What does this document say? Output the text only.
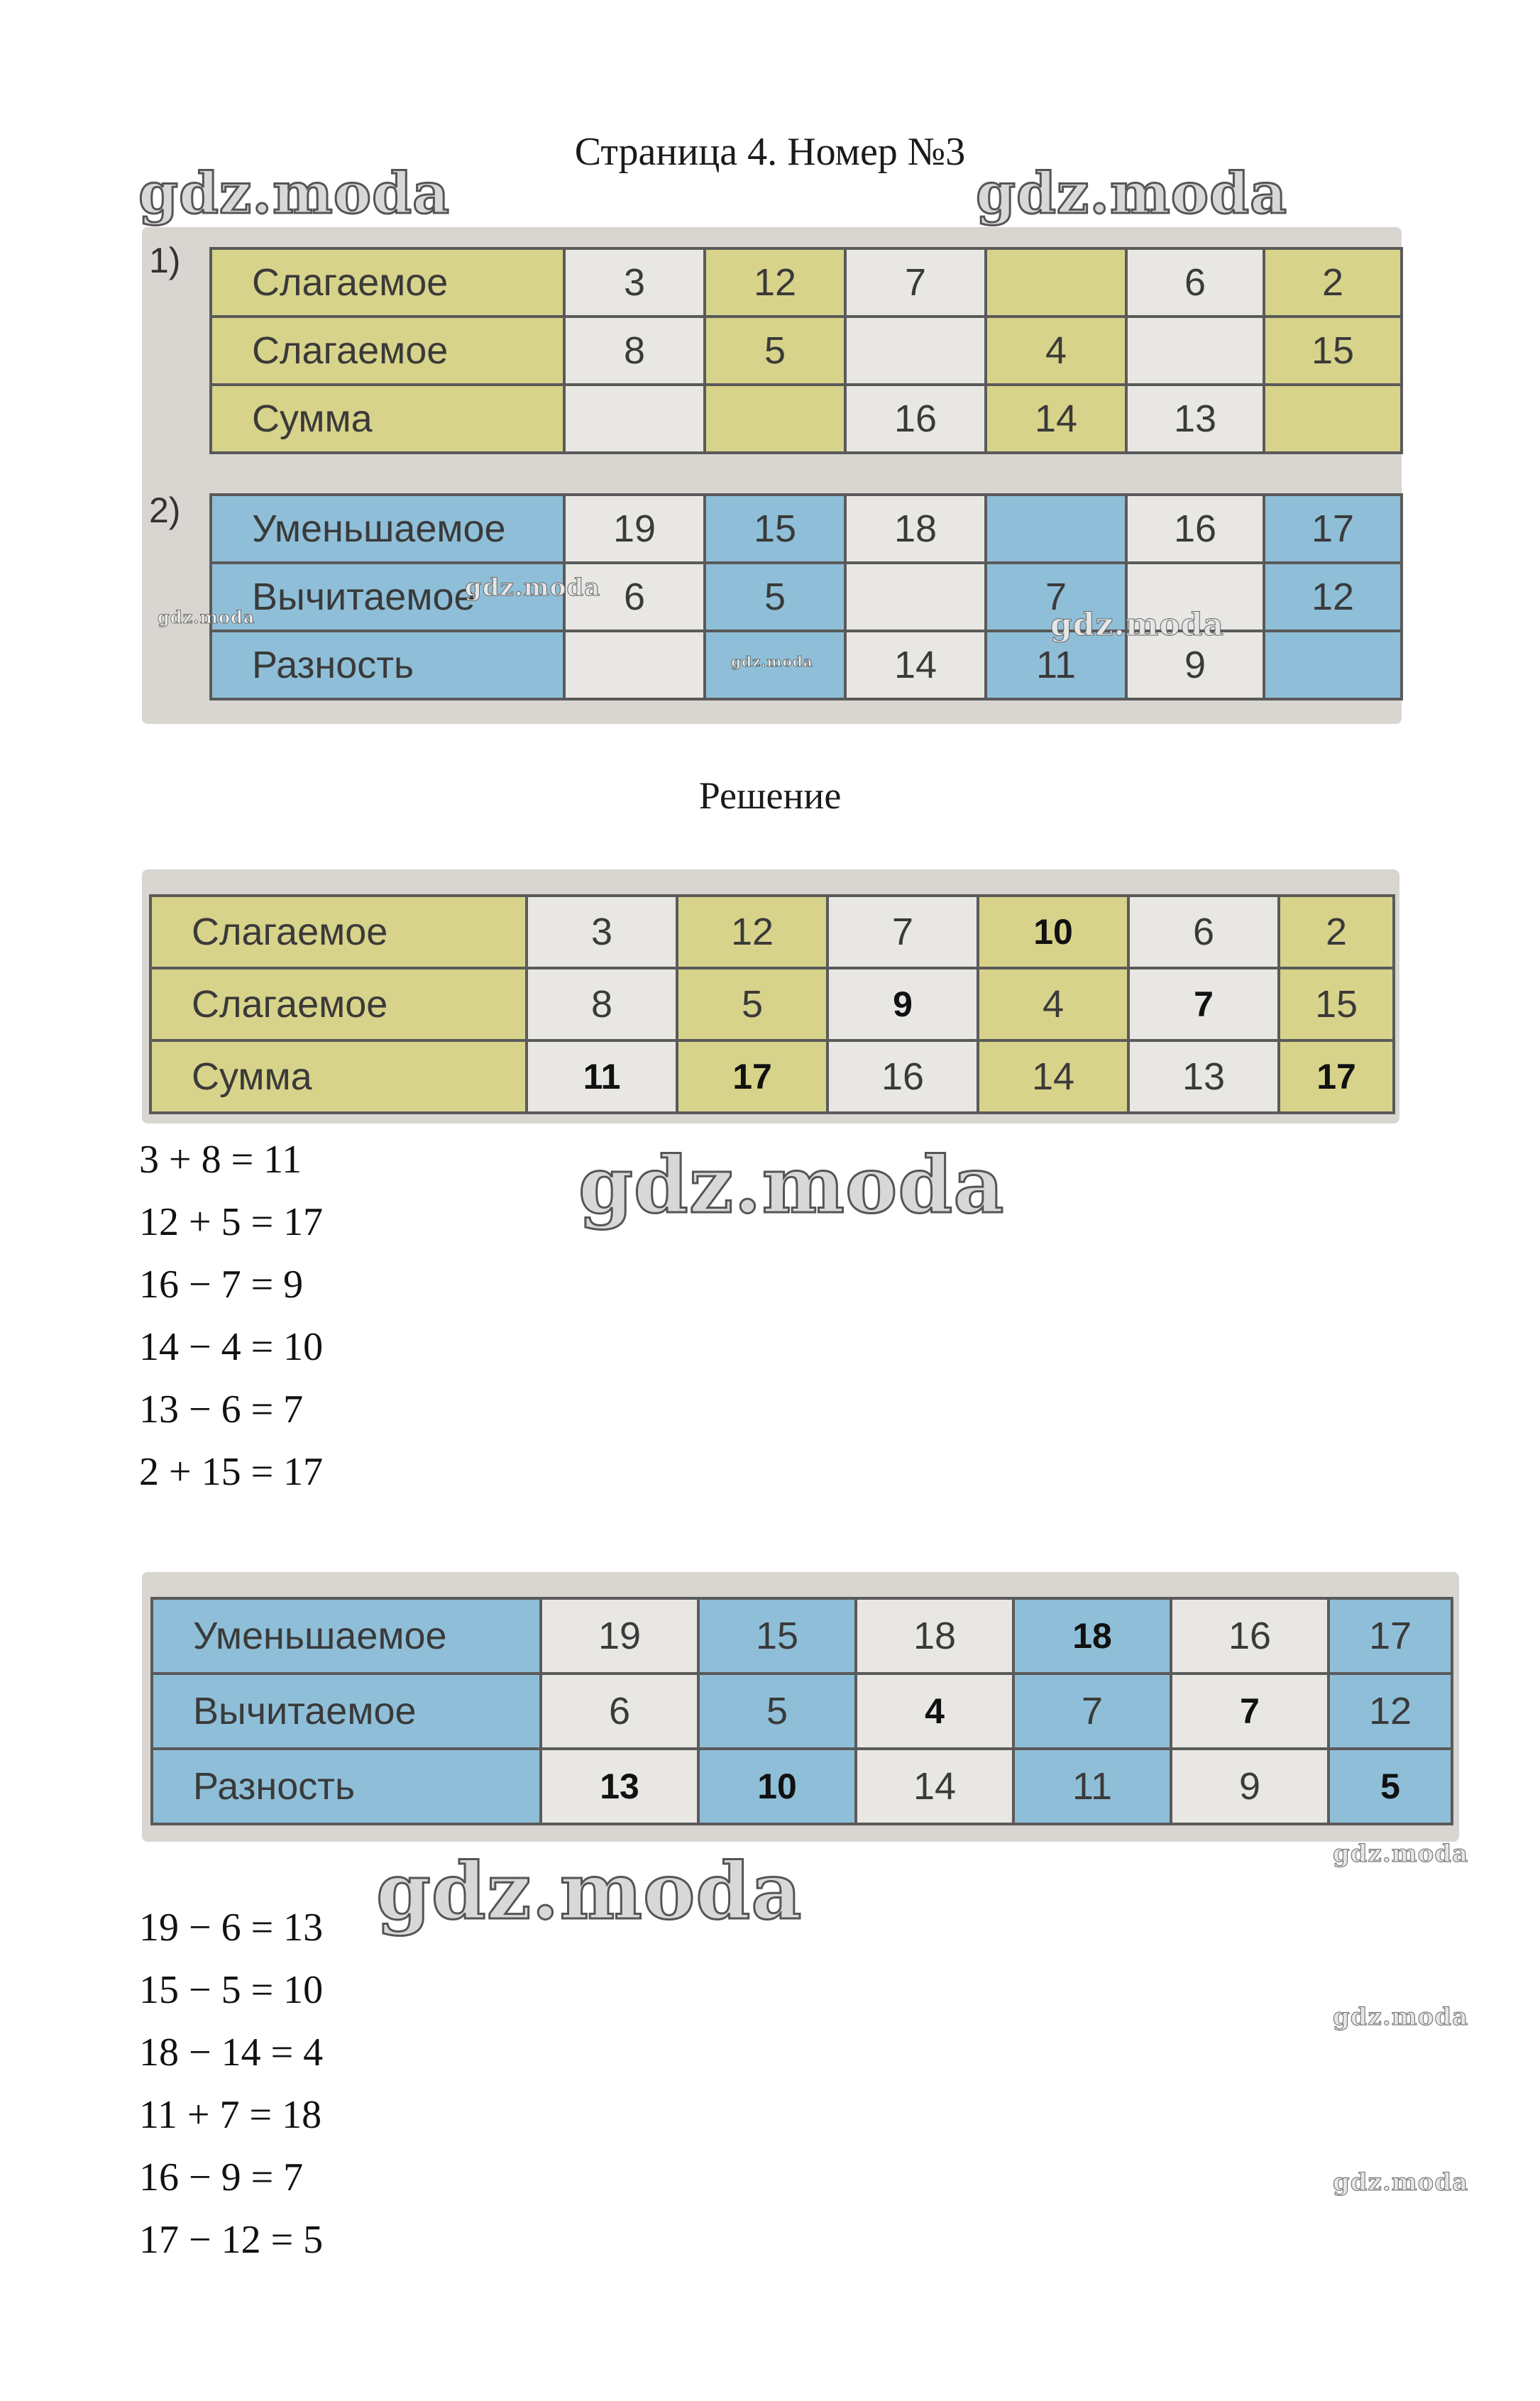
Страница 4. Номер №3
gdz.moda	gdz.moda
1)
2)
Слагаемое	3	12	7		6	2
Слагаемое	8	5		4		15
Сумма			16	14	13	
Уменьшаемое	19	15	18		16	17
Вычитаемое	6	5		7		12
Разность			14	11	9	
gdz.moda
gdz.moda
gdz.moda
gdz.moda
Решение
Слагаемое	3	12	7	10	6	2
Слагаемое	8	5	9	4	7	15
Сумма	11	17	16	14	13	17
3 + 8 = 11
12 + 5 = 17
16 − 7 = 9
14 − 4 = 10
13 − 6 = 7
2 + 15 = 17
gdz.moda
Уменьшаемое	19	15	18	18	16	17
Вычитаемое	6	5	4	7	7	12
Разность	13	10	14	11	9	5
gdz.moda
gdz.moda
19 − 6 = 13
15 − 5 = 10
18 − 14 = 4
11 + 7 = 18
16 − 9 = 7
17 − 12 = 5
gdz.moda
gdz.moda
